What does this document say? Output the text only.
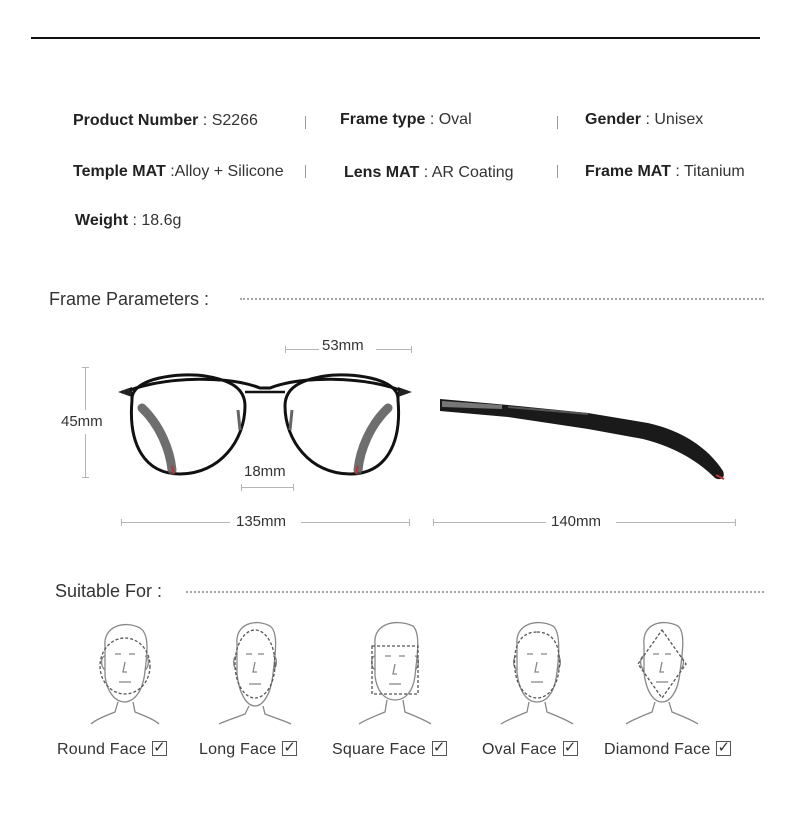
Product Number : S2266	Frame type : Oval	Gender : Unisex
Temple MAT :Alloy + Silicone	Lens MAT : AR Coating	Frame MAT : Titanium
Weight : 18.6g
Frame Parameters :
53mm
45mm
18mm
135mm	140mm
Suitable For :
Round Face ✓	Long Face ✓	Square Face ✓	Oval Face ✓	Diamond Face✓
